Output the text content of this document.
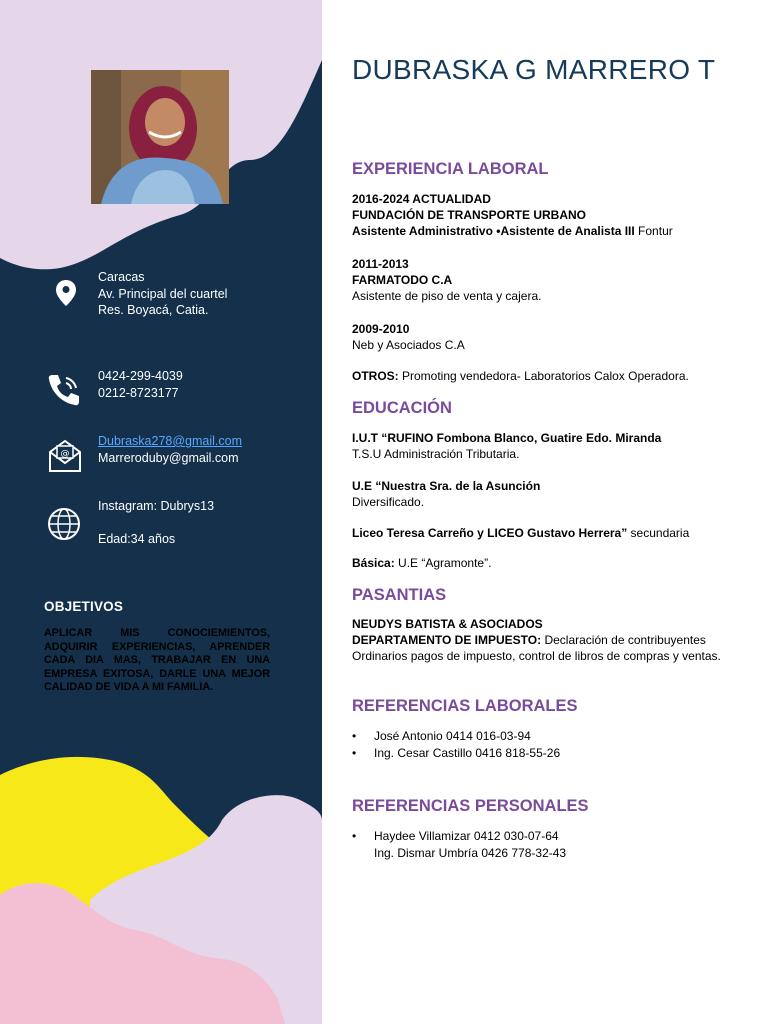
Caracas
Av. Principal del cuartel
Res. Boyacá, Catia.
0424-299-4039
0212-8723177
@
Dubraska278@gmail.com
Marreroduby@gmail.com
Instagram: Dubrys13
Edad:34 años
OBJETIVOS
APLICAR MIS CONOCIEMIENTOS, ADQUIRIR EXPERIENCIAS, APRENDER CADA DIA MAS, TRABAJAR EN UNA EMPRESA EXITOSA, DARLE UNA MEJOR CALIDAD DE VIDA A MI FAMILIA.
DUBRASKA G MARRERO T
EXPERIENCIA LABORAL
2016-2024 ACTUALIDAD
FUNDACIÓN DE TRANSPORTE URBANO
Asistente Administrativo •Asistente de Analista III Fontur
2011-2013
FARMATODO C.A
Asistente de piso de venta y cajera.
2009-2010
Neb y Asociados C.A
OTROS: Promoting vendedora- Laboratorios Calox Operadora.
EDUCACIÓN
I.U.T “RUFINO Fombona Blanco, Guatire Edo. Miranda
T.S.U Administración Tributaria.
U.E “Nuestra Sra. de la Asunción
Diversificado.
Liceo Teresa Carreño y LICEO Gustavo Herrera” secundaria
Básica: U.E “Agramonte”.
PASANTIAS
NEUDYS BATISTA & ASOCIADOS
DEPARTAMENTO DE IMPUESTO: Declaración de contribuyentes Ordinarios pagos de impuesto, control de libros de compras y ventas.
REFERENCIAS LABORALES
• José Antonio 0414 016-03-94
• Ing. Cesar Castillo 0416 818-55-26
REFERENCIAS PERSONALES
• Haydee Villamizar 0412 030-07-64
Ing. Dismar Umbría 0426 778-32-43
